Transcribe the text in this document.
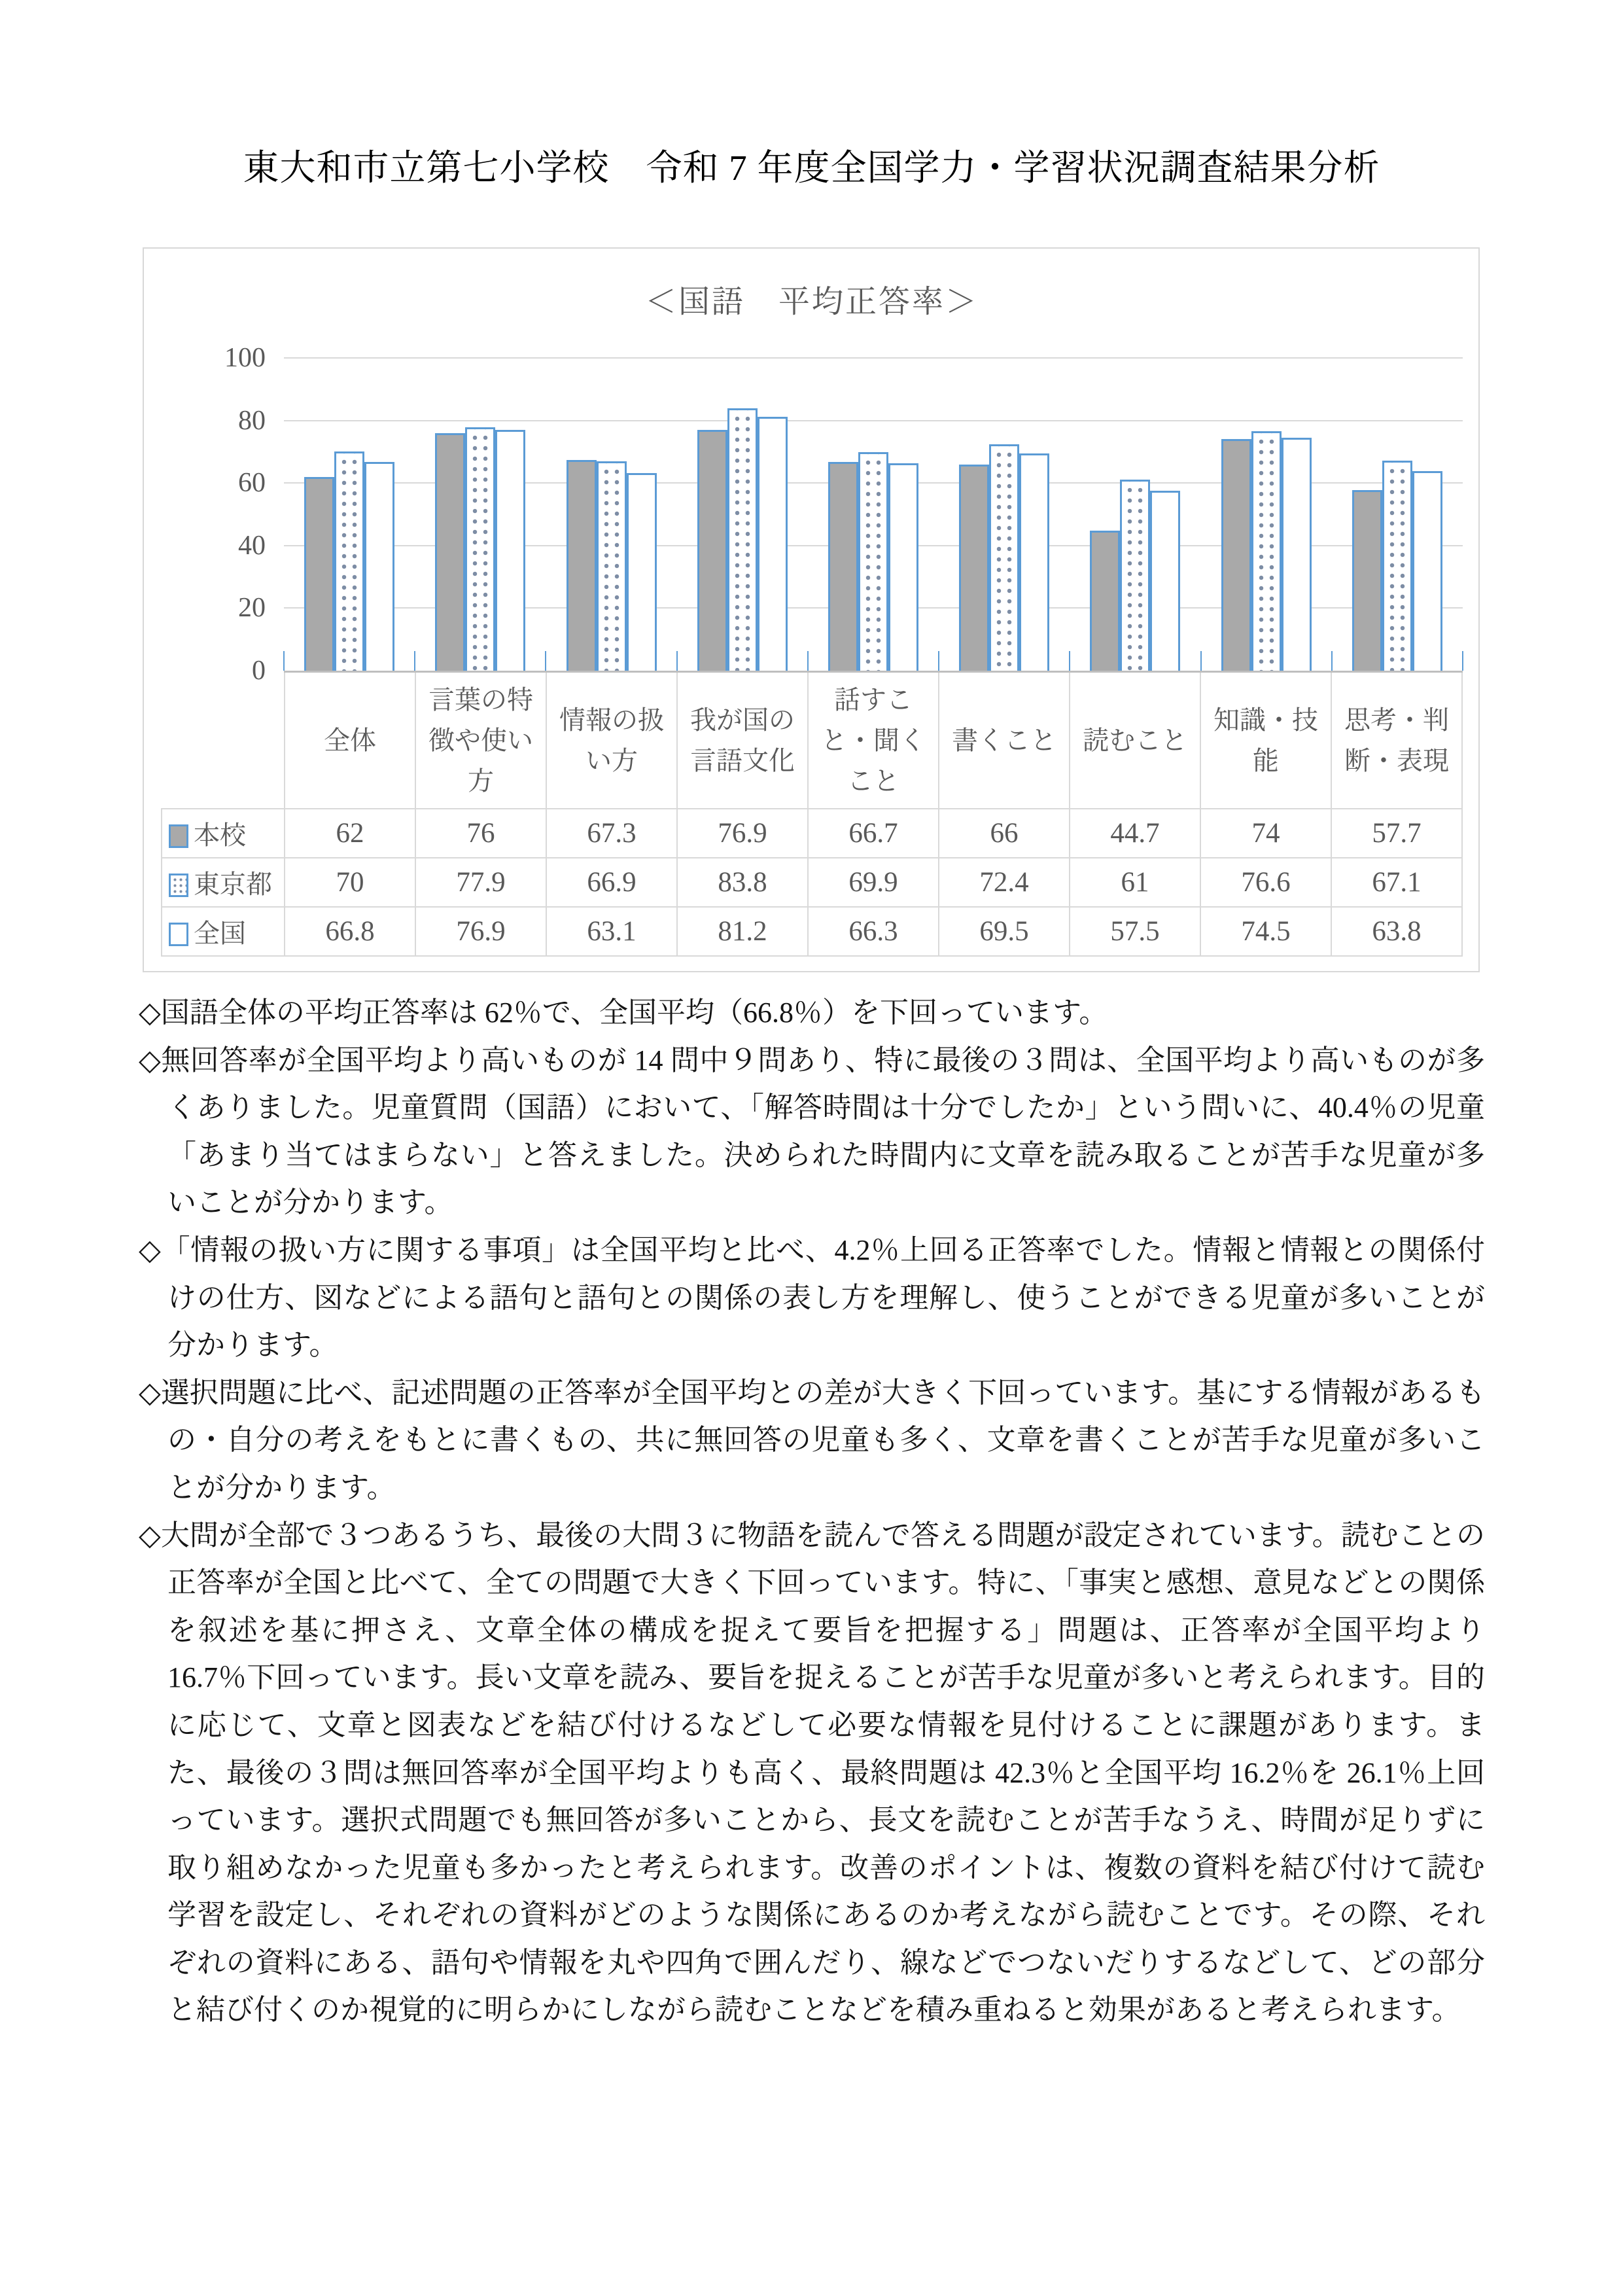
東大和市立第七小学校　令和 7 年度全国学力・学習状況調査結果分析
＜国語　平均正答率＞
100
80
60
40
20
0
	全体	言葉の特徴や使い方	情報の扱い方	我が国の言語文化	話すこと・聞くこと	書くこと	読むこと	知識・技能	思考・判断・表現
本校	62	76	67.3	76.9	66.7	66	44.7	74	57.7
東京都	70	77.9	66.9	83.8	69.9	72.4	61	76.6	67.1
全国	66.8	76.9	63.1	81.2	66.3	69.5	57.5	74.5	63.8

◇国語全体の平均正答率は 62％で、全国平均（66.8％）を下回っています。

◇無回答率が全国平均より高いものが 14 問中９問あり、特に最後の３問は、全国平均より高いものが多くありました。児童質問（国語）において、「解答時間は十分でしたか」という問いに、40.4％の児童「あまり当てはまらない」と答えました。決められた時間内に文章を読み取ることが苦手な児童が多いことが分かります。

◇「情報の扱い方に関する事項」は全国平均と比べ、4.2％上回る正答率でした。情報と情報との関係付けの仕方、図などによる語句と語句との関係の表し方を理解し、使うことができる児童が多いことが分かります。

◇選択問題に比べ、記述問題の正答率が全国平均との差が大きく下回っています。基にする情報があるもの・自分の考えをもとに書くもの、共に無回答の児童も多く、文章を書くことが苦手な児童が多いことが分かります。

◇大問が全部で３つあるうち、最後の大問３に物語を読んで答える問題が設定されています。読むことの正答率が全国と比べて、全ての問題で大きく下回っています。特に、「事実と感想、意見などとの関係を叙述を基に押さえ、文章全体の構成を捉えて要旨を把握する」問題は、正答率が全国平均より16.7％下回っています。長い文章を読み、要旨を捉えることが苦手な児童が多いと考えられます。目的に応じて、文章と図表などを結び付けるなどして必要な情報を見付けることに課題があります。また、最後の３問は無回答率が全国平均よりも高く、最終問題は 42.3％と全国平均 16.2％を 26.1％上回っています。選択式問題でも無回答が多いことから、長文を読むことが苦手なうえ、時間が足りずに取り組めなかった児童も多かったと考えられます。改善のポイントは、複数の資料を結び付けて読む学習を設定し、それぞれの資料がどのような関係にあるのか考えながら読むことです。その際、それぞれの資料にある、語句や情報を丸や四角で囲んだり、線などでつないだりするなどして、どの部分と結び付くのか視覚的に明らかにしながら読むことなどを積み重ねると効果があると考えられます。
